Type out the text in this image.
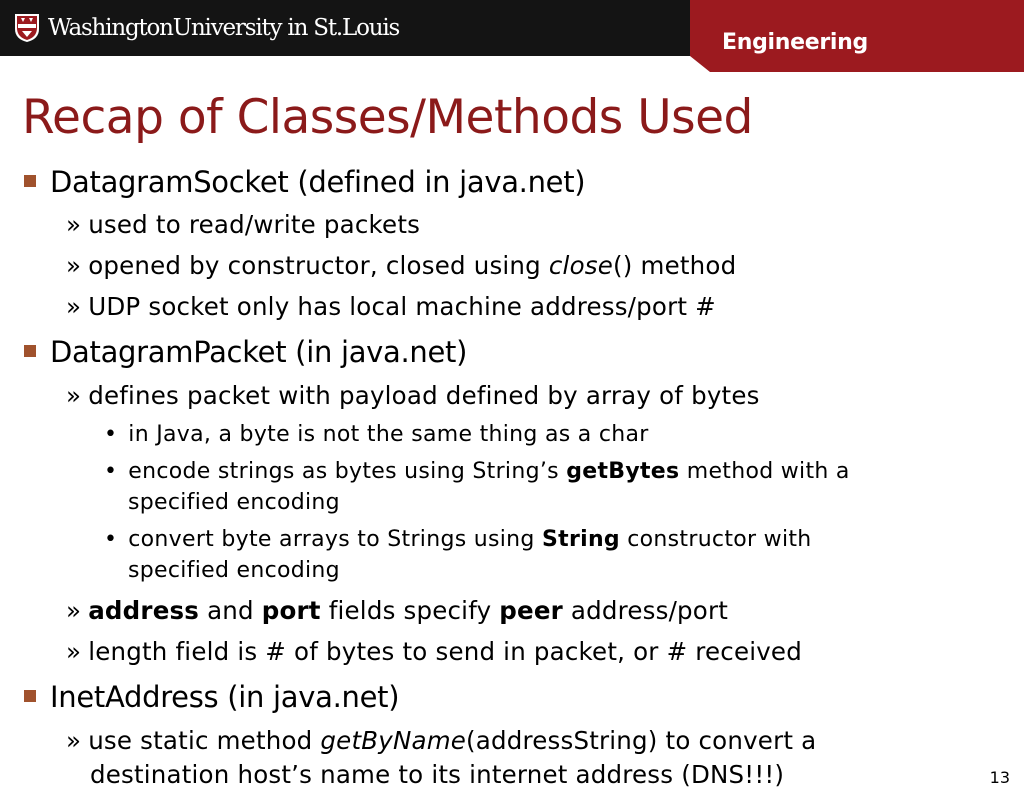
WashingtonUniversity in St.Louis
Engineering
Recap of Classes/Methods Used
DatagramSocket (defined in java.net)
» used to read/write packets
» opened by constructor, closed using close() method
» UDP socket only has local machine address/port #
DatagramPacket (in java.net)
» defines packet with payload defined by array of bytes
• in Java, a byte is not the same thing as a char
• encode strings as bytes using String’s getBytes method with a
specified encoding
• convert byte arrays to Strings using String constructor with
specified encoding
» address and port fields specify peer address/port
» length field is # of bytes to send in packet, or # received
InetAddress (in java.net)
» use static method getByName(addressString) to convert a
destination host’s name to its internet address (DNS!!!)	13
